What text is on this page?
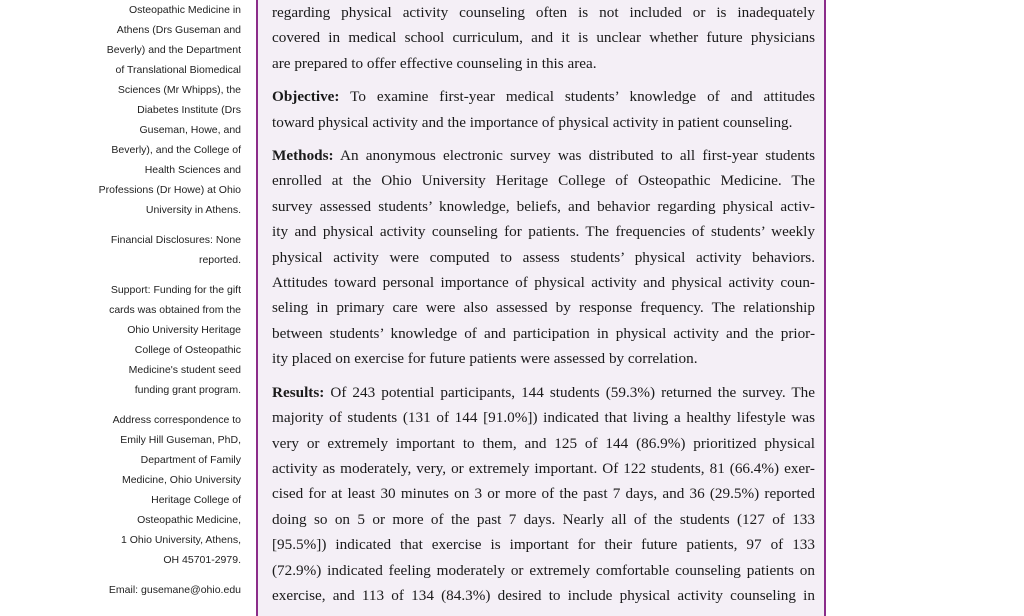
Osteopathic Medicine in

Athens (Drs Guseman and

Beverly) and the Department

of Translational Biomedical

Sciences (Mr Whipps), the

Diabetes Institute (Drs

Guseman, Howe, and

Beverly), and the College of

Health Sciences and

Professions (Dr Howe) at Ohio

University in Athens.

Financial Disclosures: None

reported.

Support: Funding for the gift

cards was obtained from the

Ohio University Heritage

College of Osteopathic

Medicine's student seed

funding grant program.

Address correspondence to

Emily Hill Guseman, PhD,

Department of Family

Medicine, Ohio University

Heritage College of

Osteopathic Medicine,

1 Ohio University, Athens,

OH 45701-2979.

Email: gusemane@ohio.edu

regarding physical activity counseling often is not included or is inadequately
covered in medical school curriculum, and it is unclear whether future physicians
are prepared to offer effective counseling in this area.
Objective: To examine first-year medical students’ knowledge of and attitudes
toward physical activity and the importance of physical activity in patient counseling.
Methods: An anonymous electronic survey was distributed to all first-year students
enrolled at the Ohio University Heritage College of Osteopathic Medicine. The
survey assessed students’ knowledge, beliefs, and behavior regarding physical activ-
ity and physical activity counseling for patients. The frequencies of students’ weekly
physical activity were computed to assess students’ physical activity behaviors.
Attitudes toward personal importance of physical activity and physical activity coun-
seling in primary care were also assessed by response frequency. The relationship
between students’ knowledge of and participation in physical activity and the prior-
ity placed on exercise for future patients were assessed by correlation.
Results: Of 243 potential participants, 144 students (59.3%) returned the survey. The
majority of students (131 of 144 [91.0%]) indicated that living a healthy lifestyle was
very or extremely important to them, and 125 of 144 (86.9%) prioritized physical
activity as moderately, very, or extremely important. Of 122 students, 81 (66.4%) exer-
cised for at least 30 minutes on 3 or more of the past 7 days, and 36 (29.5%) reported
doing so on 5 or more of the past 7 days. Nearly all of the students (127 of 133
[95.5%]) indicated that exercise is important for their future patients, 97 of 133
(72.9%) indicated feeling moderately or extremely comfortable counseling patients on
exercise, and 113 of 134 (84.3%) desired to include physical activity counseling in
